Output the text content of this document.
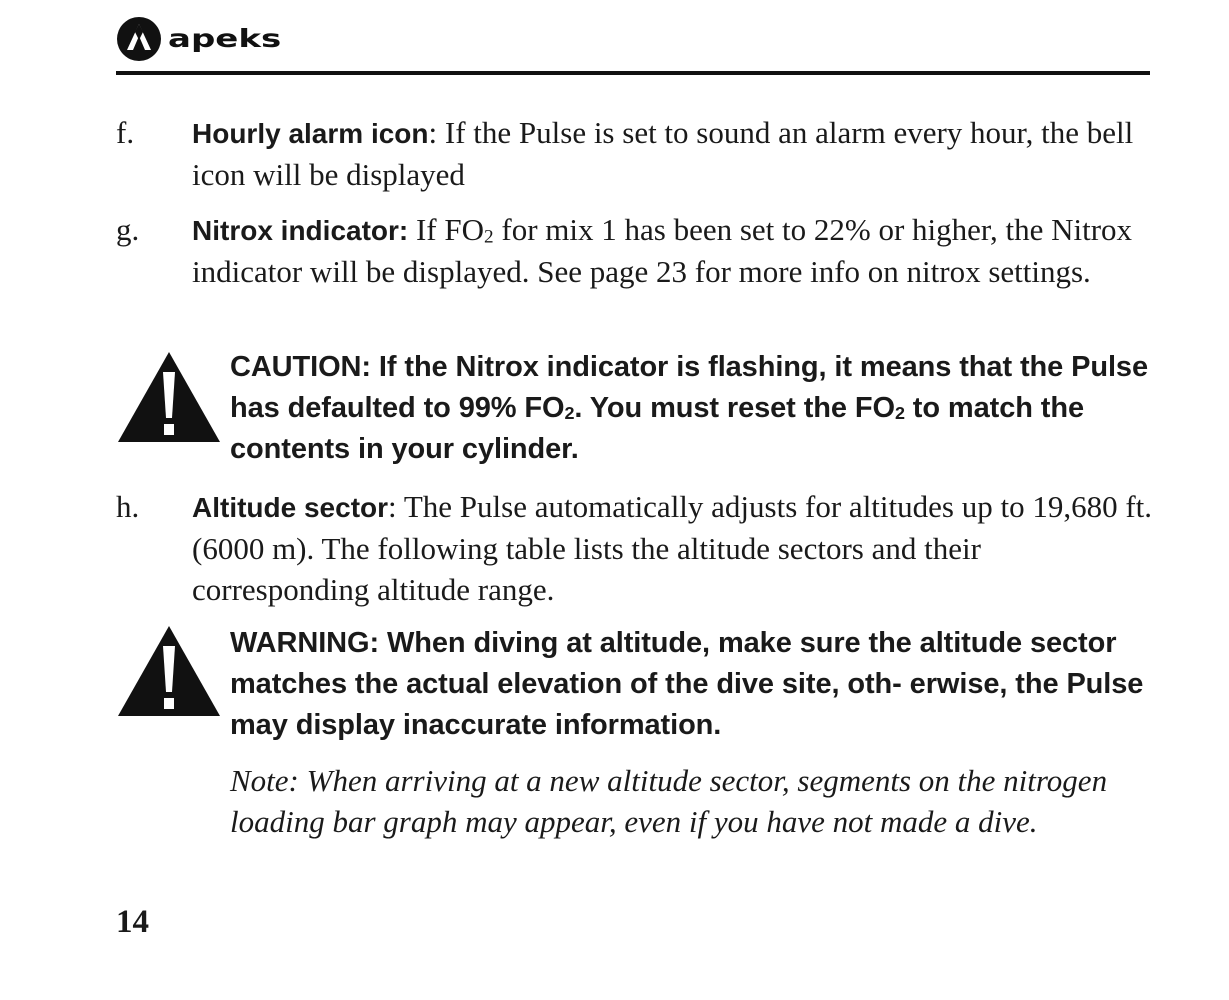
apeks
f. Hourly alarm icon: If the Pulse is set to sound an alarm every hour, the bell icon will be displayed
g. Nitrox indicator: If $FO_2$ for mix 1 has been set to 22% or higher, the Nitrox indicator will be displayed. See page 23 for more info on nitrox settings.
CAUTION: If the Nitrox indicator is flashing, it means that the Pulse has defaulted to 99% $FO_2$. You must reset the $FO_2$ to match the contents in your cylinder.
h. Altitude sector: The Pulse automatically adjusts for altitudes up to 19,680 ft. (6000 m). The following table lists the altitude sectors and their corresponding altitude range.
WARNING: When diving at altitude, make sure the altitude sector matches the actual elevation of the dive site, oth- erwise, the Pulse may display inaccurate information.
Note: When arriving at a new altitude sector, segments on the nitrogen loading bar graph may appear, even if you have not made a dive.
14
